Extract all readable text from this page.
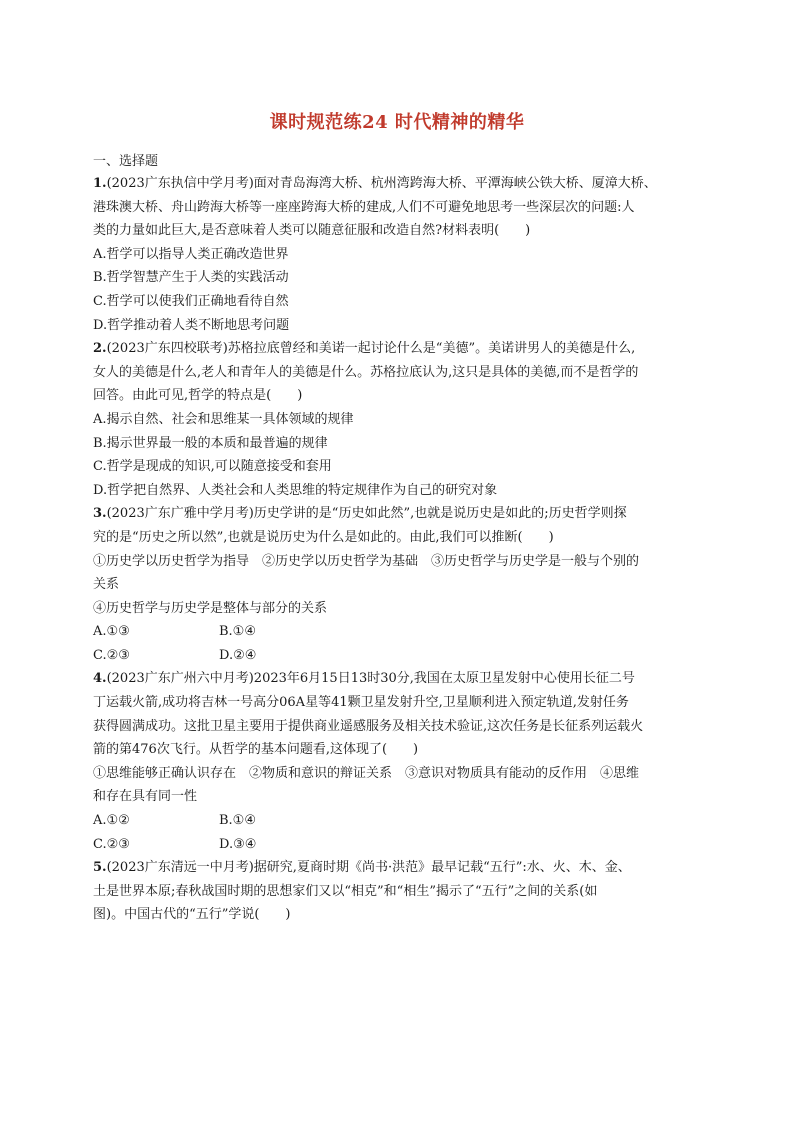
课时规范练24 时代精神的精华
一、选择题
1.(2023广东执信中学月考)面对青岛海湾大桥、杭州湾跨海大桥、平潭海峡公铁大桥、厦漳大桥、
港珠澳大桥、舟山跨海大桥等一座座跨海大桥的建成,人们不可避免地思考一些深层次的问题:人
类的力量如此巨大,是否意味着人类可以随意征服和改造自然?材料表明(　　)
A.哲学可以指导人类正确改造世界
B.哲学智慧产生于人类的实践活动
C.哲学可以使我们正确地看待自然
D.哲学推动着人类不断地思考问题
2.(2023广东四校联考)苏格拉底曾经和美诺一起讨论什么是“美德”。美诺讲男人的美德是什么,
女人的美德是什么,老人和青年人的美德是什么。苏格拉底认为,这只是具体的美德,而不是哲学的
回答。由此可见,哲学的特点是(　　)
A.揭示自然、社会和思维某一具体领域的规律
B.揭示世界最一般的本质和最普遍的规律
C.哲学是现成的知识,可以随意接受和套用
D.哲学把自然界、人类社会和人类思维的特定规律作为自己的研究对象
3.(2023广东广雅中学月考)历史学讲的是“历史如此然”,也就是说历史是如此的;历史哲学则探
究的是“历史之所以然”,也就是说历史为什么是如此的。由此,我们可以推断(　　)
①历史学以历史哲学为指导　②历史学以历史哲学为基础　③历史哲学与历史学是一般与个别的
关系
④历史哲学与历史学是整体与部分的关系
A.①③	B.①④
C.②③	D.②④
4.(2023广东广州六中月考)2023年6月15日13时30分,我国在太原卫星发射中心使用长征二号
丁运载火箭,成功将吉林一号高分06A星等41颗卫星发射升空,卫星顺利进入预定轨道,发射任务
获得圆满成功。这批卫星主要用于提供商业遥感服务及相关技术验证,这次任务是长征系列运载火
箭的第476次飞行。从哲学的基本问题看,这体现了(　　)
①思维能够正确认识存在　②物质和意识的辩证关系　③意识对物质具有能动的反作用　④思维
和存在具有同一性
A.①②	B.①④
C.②③	D.③④
5.(2023广东清远一中月考)据研究,夏商时期《尚书·洪范》最早记载“五行”:水、火、木、金、
土是世界本原;春秋战国时期的思想家们又以“相克”和“相生”揭示了“五行”之间的关系(如
图)。中国古代的“五行”学说(　　)
